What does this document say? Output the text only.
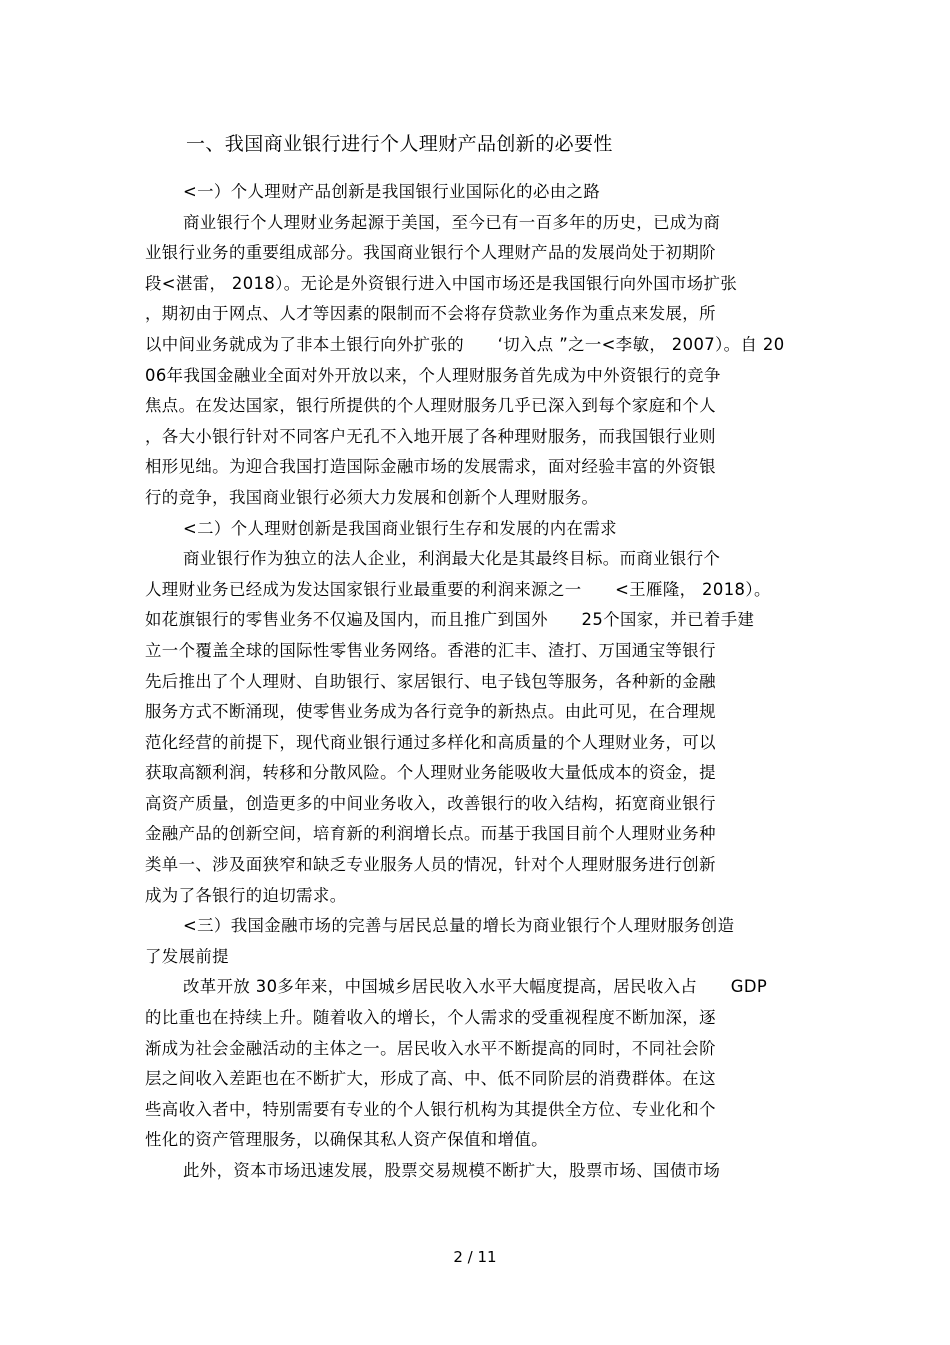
一、我国商业银行进行个人理财产品创新的必要性
<一）个人理财产品创新是我国银行业国际化的必由之路
商业银行个人理财业务起源于美国，至今已有一百多年的历史，已成为商
业银行业务的重要组成部分。我国商业银行个人理财产品的发展尚处于初期阶
段<湛雷， 2018）。无论是外资银行进入中国市场还是我国银行向外国市场扩张
，期初由于网点、人才等因素的限制而不会将存贷款业务作为重点来发展，所
以中间业务就成为了非本土银行向外扩张的　　‘切入点 ”之一<李敏， 2007）。自 20
06年我国金融业全面对外开放以来，个人理财服务首先成为中外资银行的竞争
焦点。在发达国家，银行所提供的个人理财服务几乎已深入到每个家庭和个人
，各大小银行针对不同客户无孔不入地开展了各种理财服务，而我国银行业则
相形见绌。为迎合我国打造国际金融市场的发展需求，面对经验丰富的外资银
行的竞争，我国商业银行必须大力发展和创新个人理财服务。
<二）个人理财创新是我国商业银行生存和发展的内在需求
商业银行作为独立的法人企业，利润最大化是其最终目标。而商业银行个
人理财业务已经成为发达国家银行业最重要的利润来源之一　　<王雁隆， 2018）。
如花旗银行的零售业务不仅遍及国内，而且推广到国外　　25个国家，并已着手建
立一个覆盖全球的国际性零售业务网络。香港的汇丰、渣打、万国通宝等银行
先后推出了个人理财、自助银行、家居银行、电子钱包等服务，各种新的金融
服务方式不断涌现，使零售业务成为各行竞争的新热点。由此可见，在合理规
范化经营的前提下，现代商业银行通过多样化和高质量的个人理财业务，可以
获取高额利润，转移和分散风险。个人理财业务能吸收大量低成本的资金，提
高资产质量，创造更多的中间业务收入，改善银行的收入结构，拓宽商业银行
金融产品的创新空间，培育新的利润增长点。而基于我国目前个人理财业务种
类单一、涉及面狭窄和缺乏专业服务人员的情况，针对个人理财服务进行创新
成为了各银行的迫切需求。
<三）我国金融市场的完善与居民总量的增长为商业银行个人理财服务创造
了发展前提
改革开放 30多年来，中国城乡居民收入水平大幅度提高，居民收入占　　GDP
的比重也在持续上升。随着收入的增长，个人需求的受重视程度不断加深，逐
渐成为社会金融活动的主体之一。居民收入水平不断提高的同时，不同社会阶
层之间收入差距也在不断扩大，形成了高、中、低不同阶层的消费群体。在这
些高收入者中，特别需要有专业的个人银行机构为其提供全方位、专业化和个
性化的资产管理服务，以确保其私人资产保值和增值。
此外，资本市场迅速发展，股票交易规模不断扩大，股票市场、国债市场
2 / 11
